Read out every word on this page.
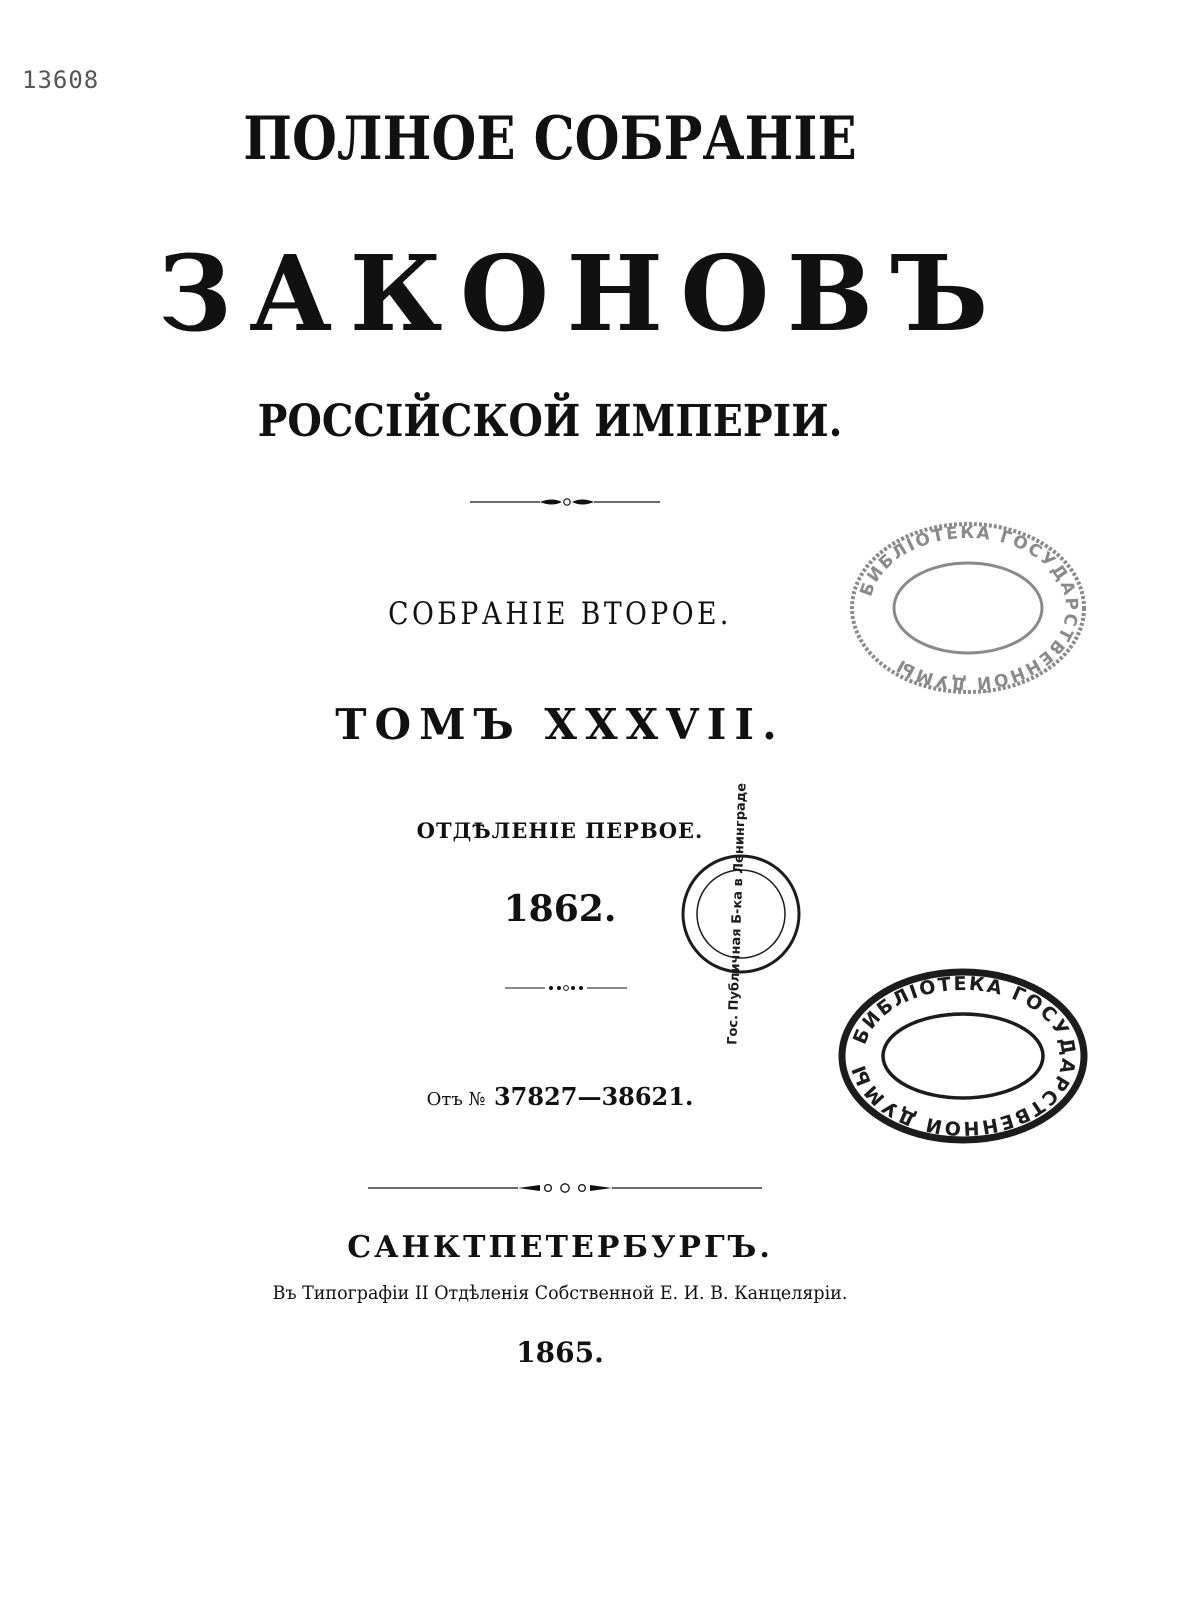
13608
ПОЛНОЕ СОБРАНІЕ
ЗАКОНОВЪ
РОССІЙСКОЙ ИМПЕРІИ.
СОБРАНІЕ ВТОРОЕ.
ТОМЪ XXXVII.
ОТДѢЛЕНІЕ ПЕРВОЕ.
1862.
Отъ № 37827—38621.
САНКТПЕТЕРБУРГЪ.
Въ Типографіи II Отдѣленія Собственной Е. И. В. Канцеляріи.
1865.
БИБЛІОТЕКА ГОСУДАРСТВЕННОЙ ДУМЫ
Гос. Публичная Б-ка в Ленинграде	БИБЛІОТЕКА ГОСУДАРСТВЕННОЙ ДУМЫ
